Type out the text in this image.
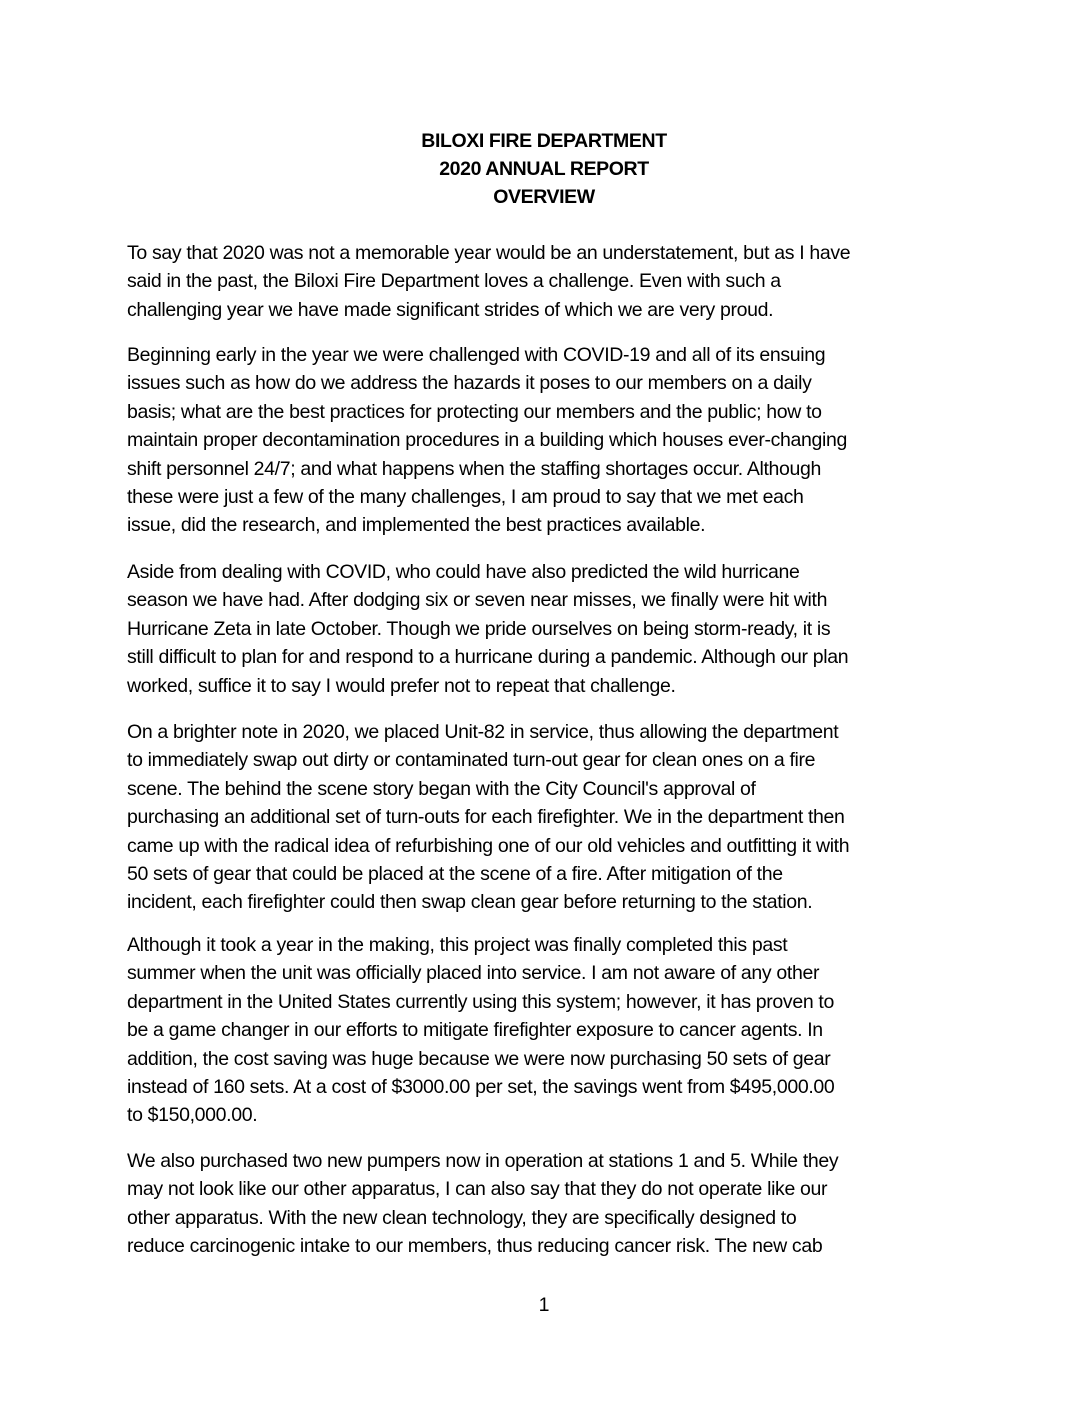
BILOXI FIRE DEPARTMENT
2020 ANNUAL REPORT
OVERVIEW
To say that 2020 was not a memorable year would be an understatement, but as I have
said in the past, the Biloxi Fire Department loves a challenge. Even with such a
challenging year we have made significant strides of which we are very proud.
Beginning early in the year we were challenged with COVID-19 and all of its ensuing
issues such as how do we address the hazards it poses to our members on a daily
basis; what are the best practices for protecting our members and the public; how to
maintain proper decontamination procedures in a building which houses ever-changing
shift personnel 24/7; and what happens when the staffing shortages occur. Although
these were just a few of the many challenges, I am proud to say that we met each
issue, did the research, and implemented the best practices available.
Aside from dealing with COVID, who could have also predicted the wild hurricane
season we have had. After dodging six or seven near misses, we finally were hit with
Hurricane Zeta in late October. Though we pride ourselves on being storm-ready, it is
still difficult to plan for and respond to a hurricane during a pandemic. Although our plan
worked, suffice it to say I would prefer not to repeat that challenge.
On a brighter note in 2020, we placed Unit-82 in service, thus allowing the department
to immediately swap out dirty or contaminated turn-out gear for clean ones on a fire
scene. The behind the scene story began with the City Council's approval of
purchasing an additional set of turn-outs for each firefighter. We in the department then
came up with the radical idea of refurbishing one of our old vehicles and outfitting it with
50 sets of gear that could be placed at the scene of a fire. After mitigation of the
incident, each firefighter could then swap clean gear before returning to the station.
Although it took a year in the making, this project was finally completed this past
summer when the unit was officially placed into service. I am not aware of any other
department in the United States currently using this system; however, it has proven to
be a game changer in our efforts to mitigate firefighter exposure to cancer agents. In
addition, the cost saving was huge because we were now purchasing 50 sets of gear
instead of 160 sets. At a cost of $3000.00 per set, the savings went from $495,000.00
to $150,000.00.
We also purchased two new pumpers now in operation at stations 1 and 5. While they
may not look like our other apparatus, I can also say that they do not operate like our
other apparatus. With the new clean technology, they are specifically designed to
reduce carcinogenic intake to our members, thus reducing cancer risk. The new cab
1
